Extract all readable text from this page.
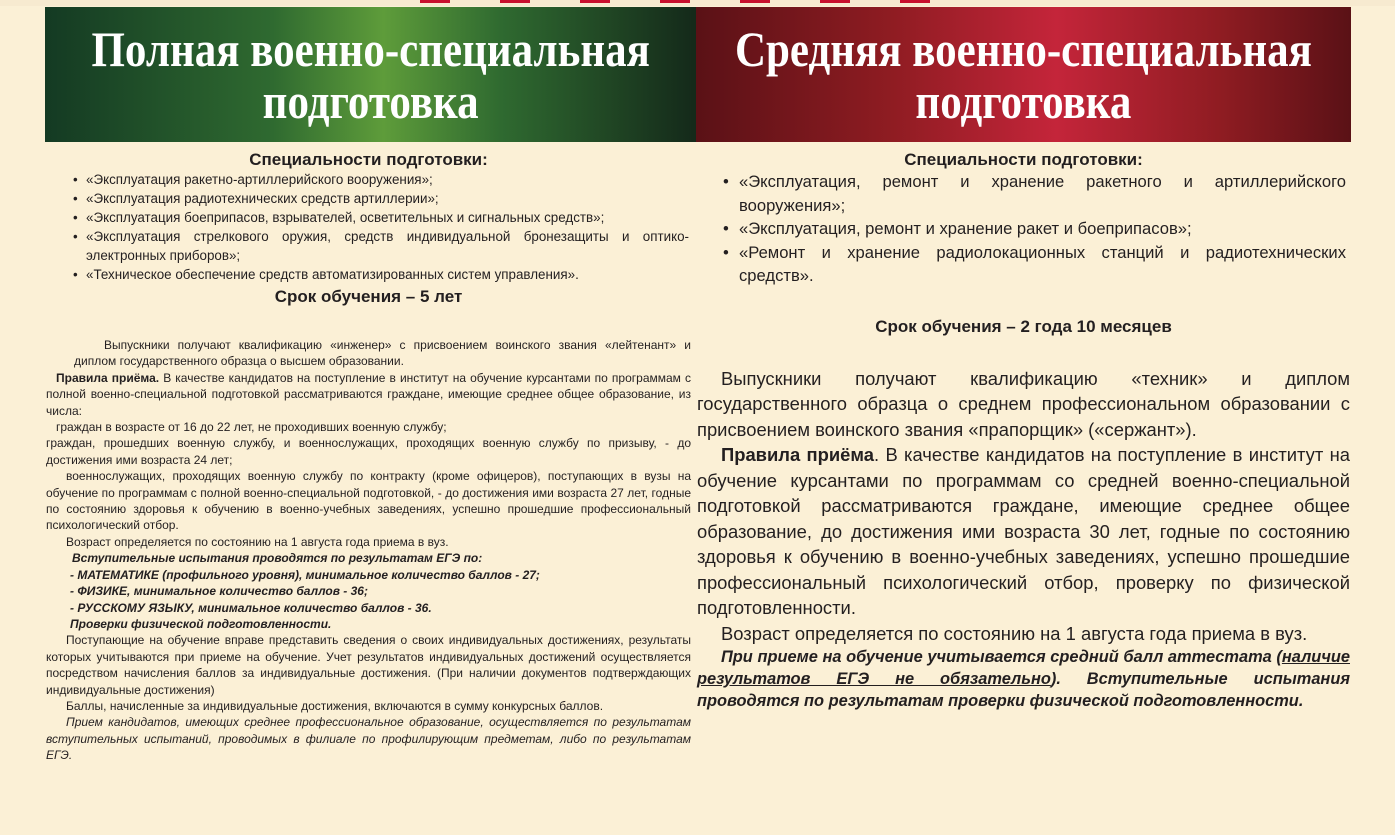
Полная военно-специальная
подготовка
Средняя военно-специальная
подготовка

Специальности подготовки:

• «Эксплуатация ракетно-артиллерийского вооружения»;
• «Эксплуатация радиотехнических средств артиллерии»;
• «Эксплуатация боеприпасов, взрывателей, осветительных и сигнальных средств»;
• «Эксплуатация стрелкового оружия, средств индивидуальной бронезащиты и оптико-электронных приборов»;
• «Техническое обеспечение средств автоматизированных систем управления».
Срок обучения – 5 лет

Выпускники получают квалификацию «инженер» с присвоением воинского звания «лейтенант» и диплом государственного образца о высшем образовании.

Правила приёма. В качестве кандидатов на поступление в институт на обучение курсантами по программам с полной военно-специальной подготовкой рассматриваются граждане, имеющие среднее общее образование, из числа:

граждан в возрасте от 16 до 22 лет, не проходивших военную службу;

граждан, прошедших военную службу, и военнослужащих, проходящих военную службу по призыву, - до достижения ими возраста 24 лет;

военнослужащих, проходящих военную службу по контракту (кроме офицеров), поступающих в вузы на обучение по программам с полной военно-специальной подготовкой, - до достижения ими возраста 27 лет, годные по состоянию здоровья к обучению в военно-учебных заведениях, успешно прошедшие профессиональный психологический отбор.

Возраст определяется по состоянию на 1 августа года приема в вуз.

Вступительные испытания проводятся по результатам ЕГЭ по:

- МАТЕМАТИКЕ (профильного уровня), минимальное количество баллов - 27;

- ФИЗИКЕ, минимальное количество баллов - 36;

- РУССКОМУ ЯЗЫКУ, минимальное количество баллов - 36.

Проверки физической подготовленности.

Поступающие на обучение вправе представить сведения о своих индивидуальных достижениях, результаты которых учитываются при приеме на обучение. Учет результатов индивидуальных достижений осуществляется посредством начисления баллов за индивидуальные достижения. (При наличии документов подтверждающих индивидуальные достижения)

Баллы, начисленные за индивидуальные достижения, включаются в сумму конкурсных баллов.

Прием кандидатов, имеющих среднее профессиональное образование, осуществляется по результатам вступительных испытаний, проводимых в филиале по профилирующим предметам, либо по результатам ЕГЭ.

Специальности подготовки:

• «Эксплуатация, ремонт и хранение ракетного и артиллерийского вооружения»;
• «Эксплуатация, ремонт и хранение ракет и боеприпасов»;
• «Ремонт и хранение радиолокационных станций и радиотехнических средств».
Срок обучения – 2 года 10 месяцев

Выпускники получают квалификацию «техник» и диплом государственного образца о среднем профессиональном образовании с присвоением воинского звания «прапорщик» («сержант»).

Правила приёма. В качестве кандидатов на поступление в институт на обучение курсантами по программам со средней военно-специальной подготовкой рассматриваются граждане, имеющие среднее общее образование, до достижения ими возраста 30 лет, годные по состоянию здоровья к обучению в военно-учебных заведениях, успешно прошедшие профессиональный психологический отбор, проверку по физической подготовленности.

Возраст определяется по состоянию на 1 августа года приема в вуз.

При приеме на обучение учитывается средний балл аттестата (наличие результатов ЕГЭ не обязательно). Вступительные испытания проводятся по результатам проверки физической подготовленности.
